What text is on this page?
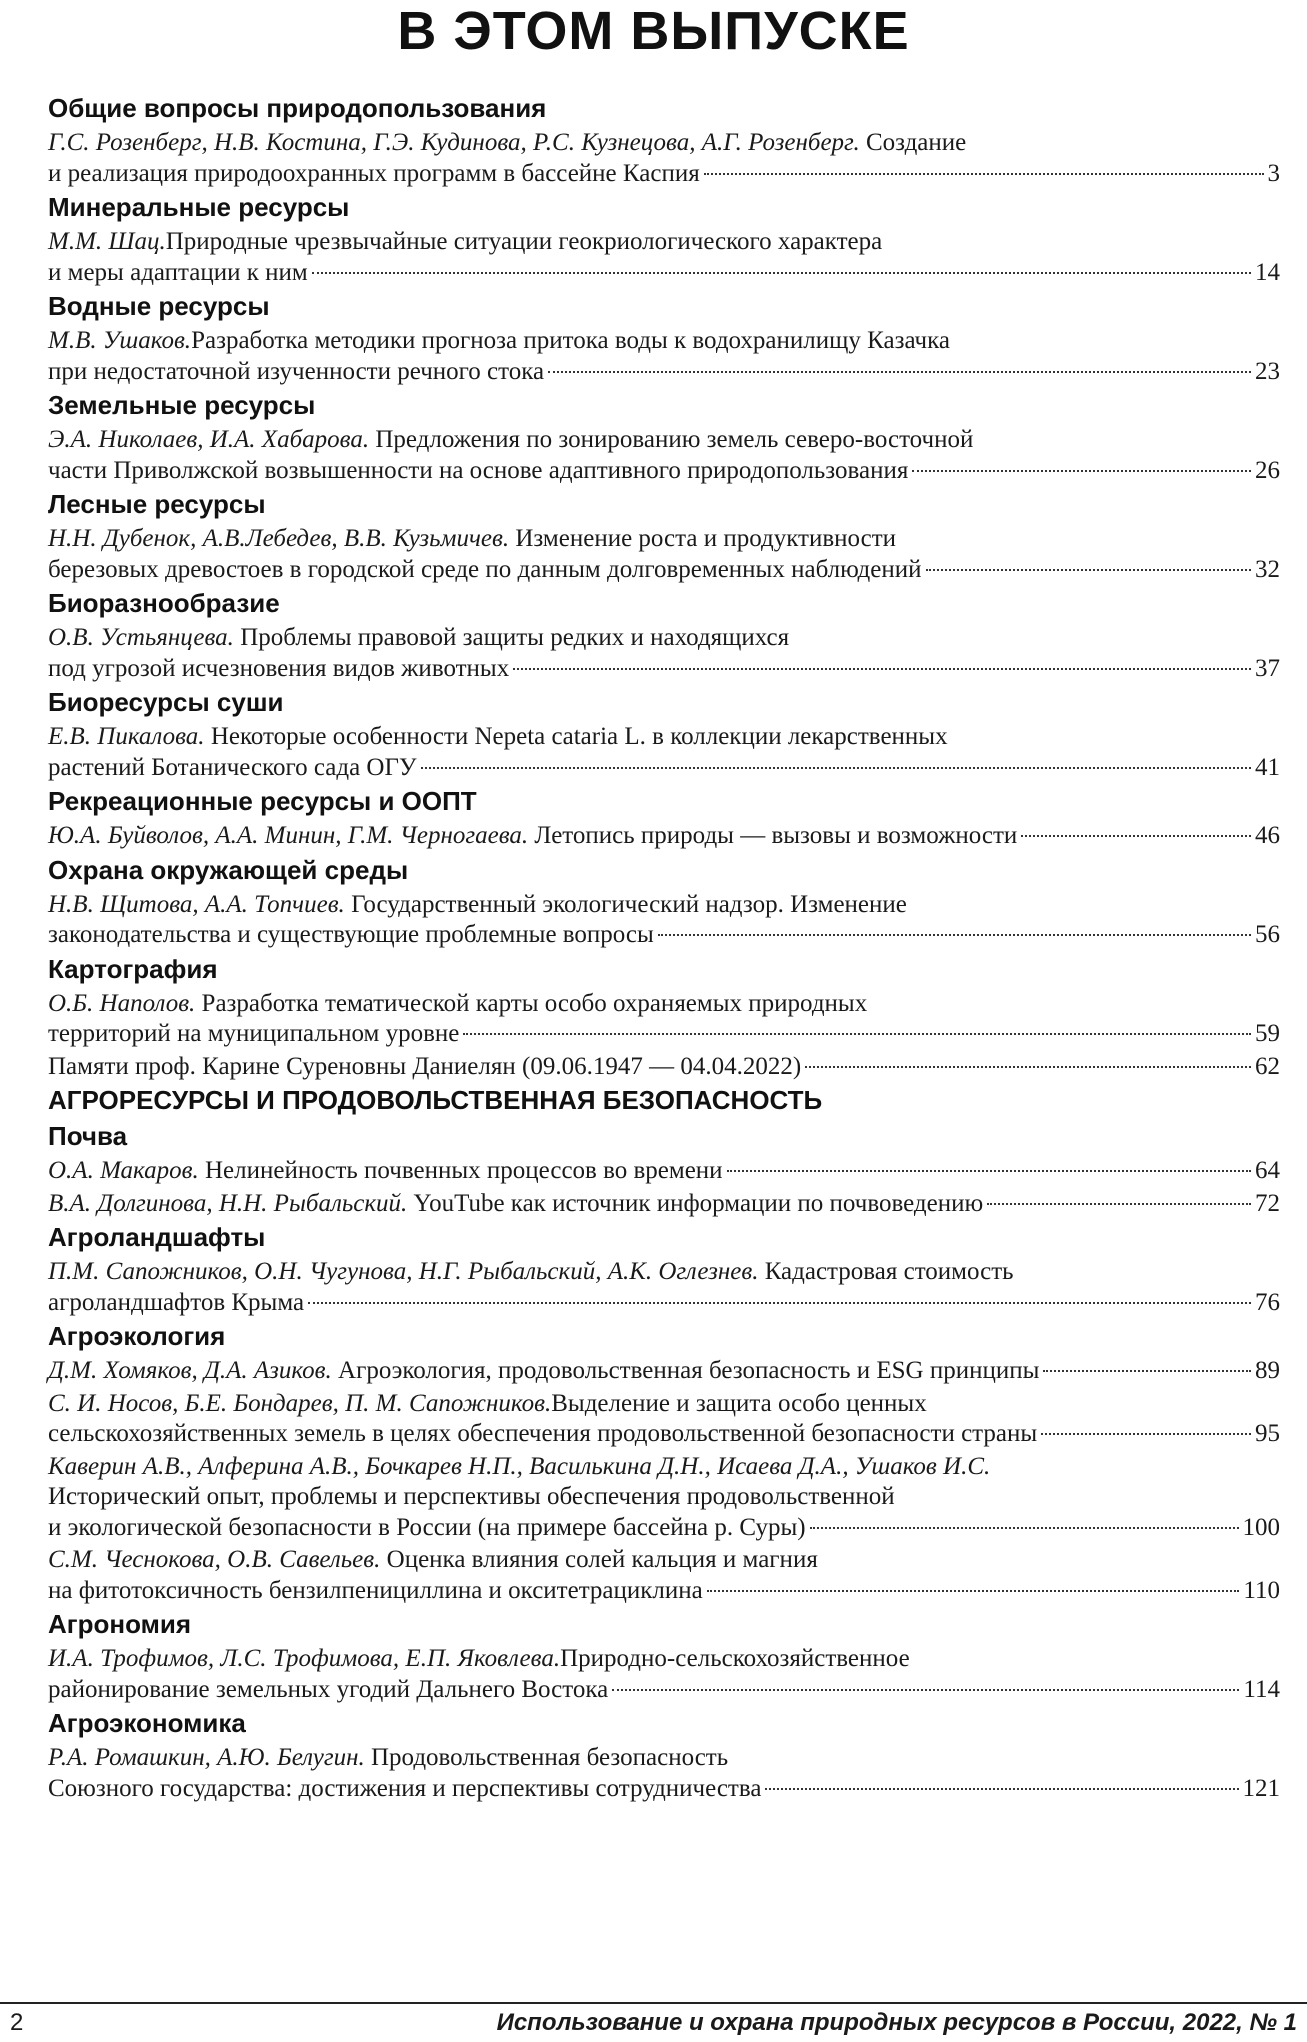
В ЭТОМ ВЫПУСКЕ
Общие вопросы природопользования
Г.С. Розенберг, Н.В. Костина, Г.Э. Кудинова, Р.С. Кузнецова, А.Г. Розенберг. Создание
и реализация природоохранных программ в бассейне Каспия	3
Минеральные ресурсы
М.М. Шац.Природные чрезвычайные ситуации геокриологического характера
и меры адаптации к ним	14
Водные ресурсы
М.В. Ушаков.Разработка методики прогноза притока воды к водохранилищу Казачка
при недостаточной изученности речного стока	23
Земельные ресурсы
Э.А. Николаев, И.А. Хабарова. Предложения по зонированию земель северо-восточной
части Приволжской возвышенности на основе адаптивного природопользования	26
Лесные ресурсы
Н.Н. Дубенок, А.В.Лебедев, В.В. Кузьмичев. Изменение роста и продуктивности
березовых древостоев в городской среде по данным долговременных наблюдений	32
Биоразнообразие
О.В. Устьянцева. Проблемы правовой защиты редких и находящихся
под угрозой исчезновения видов животных	37
Биоресурсы суши
Е.В. Пикалова. Некоторые особенности Nepeta cataria L. в коллекции лекарственных
растений Ботанического сада ОГУ	41
Рекреационные ресурсы и ООПТ
Ю.А. Буйволов, А.А. Минин, Г.М. Черногаева. Летопись природы — вызовы и возможности	46
Охрана окружающей среды
Н.В. Щитова, А.А. Топчиев. Государственный экологический надзор. Изменение
законодательства и существующие проблемные вопросы	56
Картография
О.Б. Наполов. Разработка тематической карты особо охраняемых природных
территорий на муниципальном уровне	59
Памяти проф. Карине Суреновны Даниелян (09.06.1947 — 04.04.2022)	62
АГРОРЕСУРСЫ И ПРОДОВОЛЬСТВЕННАЯ БЕЗОПАСНОСТЬ
Почва
О.А. Макаров. Нелинейность почвенных процессов во времени	64
В.А. Долгинова, Н.Н. Рыбальский. YouTube как источник информации по почвоведению	72
Агроландшафты
П.М. Сапожников, О.Н. Чугунова, Н.Г. Рыбальский, А.К. Оглезнев. Кадастровая стоимость
агроландшафтов Крыма	76
Агроэкология
Д.М. Хомяков, Д.А. Азиков. Агроэкология, продовольственная безопасность и ESG принципы	89
С. И. Носов, Б.Е. Бондарев, П. М. Сапожников.Выделение и защита особо ценных
сельскохозяйственных земель в целях обеспечения продовольственной безопасности страны	95
Каверин А.В., Алферина А.В., Бочкарев Н.П., Василькина Д.Н., Исаева Д.А., Ушаков И.С.
Исторический опыт, проблемы и перспективы обеспечения продовольственной
и экологической безопасности в России (на примере бассейна р. Суры)	100
С.М. Чеснокова, О.В. Савельев. Оценка влияния солей кальция и магния
на фитотоксичность бензилпенициллина и окситетрациклина	110
Агрономия
И.А. Трофимов, Л.С. Трофимова, Е.П. Яковлева.Природно-сельскохозяйственное
районирование земельных угодий Дальнего Востока	114
Агроэкономика
Р.А. Ромашкин, А.Ю. Белугин. Продовольственная безопасность
Союзного государства: достижения и перспективы сотрудничества	121
2	Использование и охрана природных ресурсов в России, 2022, № 1
